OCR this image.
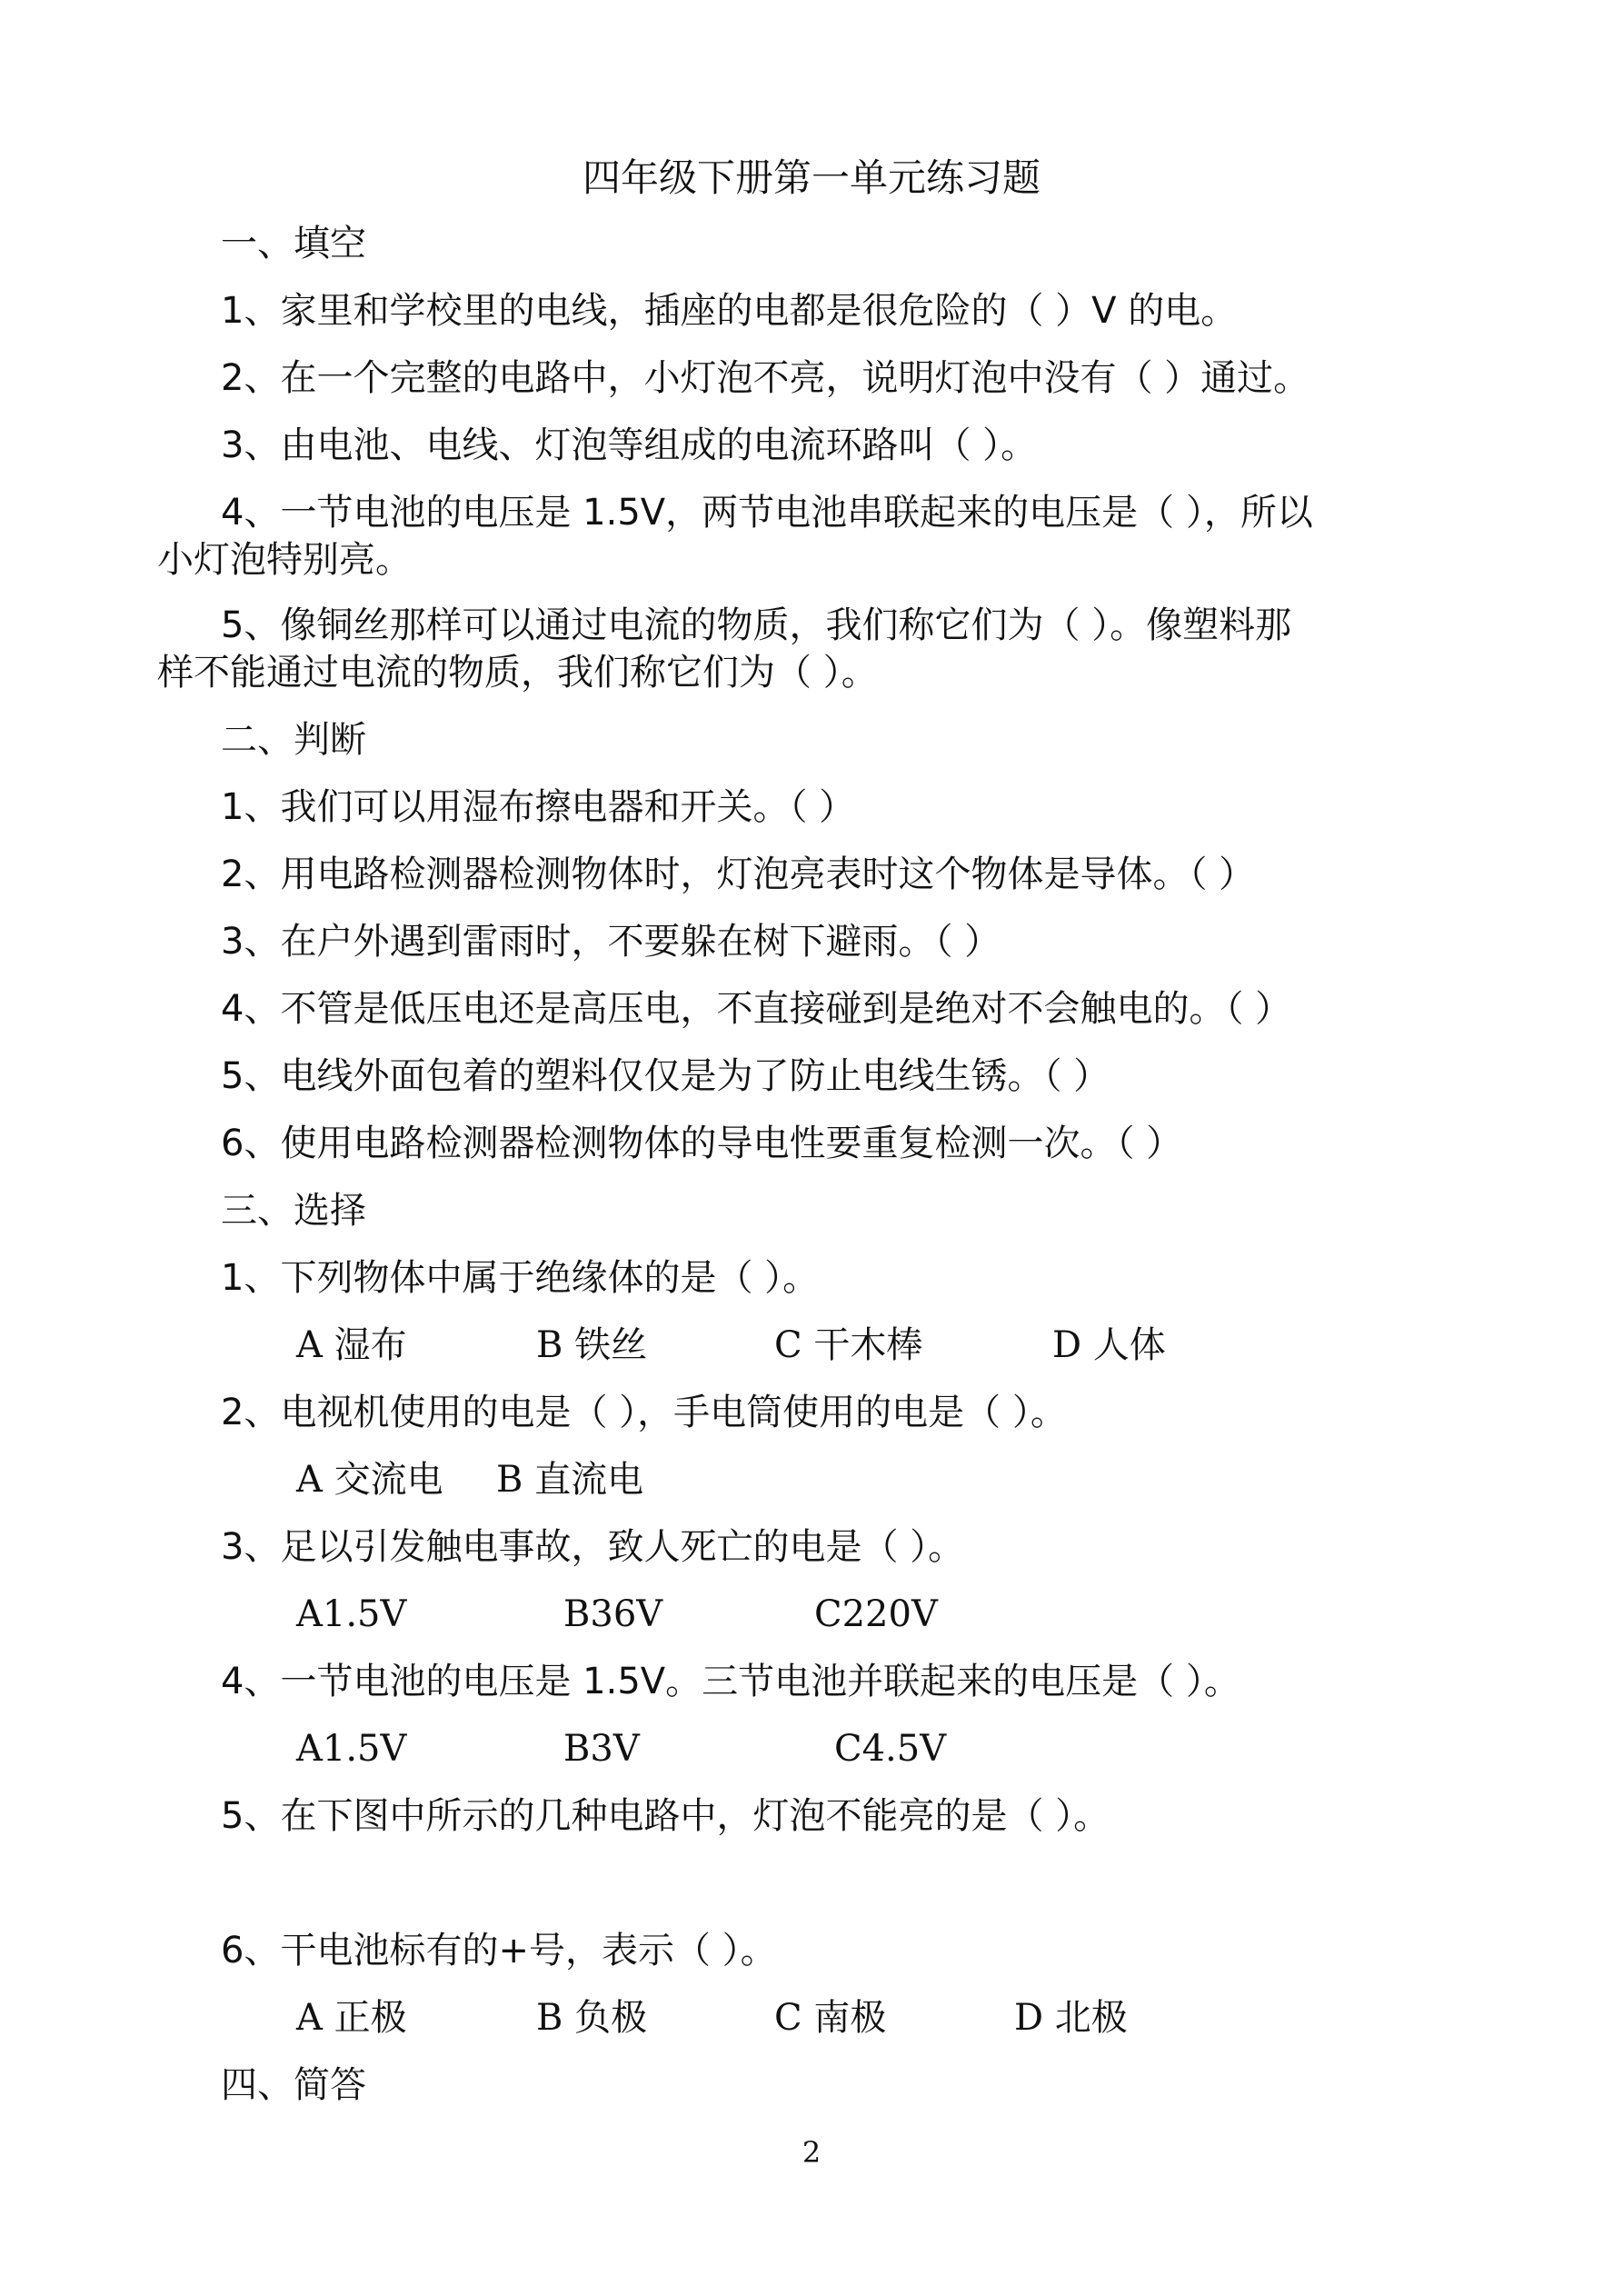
四年级下册第一单元练习题
一、填空
1、家里和学校里的电线，插座的电都是很危险的（ ）V 的电。
2、在一个完整的电路中，小灯泡不亮，说明灯泡中没有（ ）通过。
3、由电池、电线、灯泡等组成的电流环路叫（ ）。
4、一节电池的电压是 1.5V，两节电池串联起来的电压是（ ），所以
小灯泡特别亮。
5、像铜丝那样可以通过电流的物质，我们称它们为（ ）。像塑料那
样不能通过电流的物质，我们称它们为（ ）。
二、判断
1、我们可以用湿布擦电器和开关。（ ）
2、用电路检测器检测物体时，灯泡亮表时这个物体是导体。（ ）
3、在户外遇到雷雨时，不要躲在树下避雨。（ ）
4、不管是低压电还是高压电，不直接碰到是绝对不会触电的。（ ）
5、电线外面包着的塑料仅仅是为了防止电线生锈。（ ）
6、使用电路检测器检测物体的导电性要重复检测一次。（ ）
三、选择
1、下列物体中属于绝缘体的是（ ）。
A 湿布	B 铁丝	C 干木棒	D 人体
2、电视机使用的电是（ ），手电筒使用的电是（ ）。
A 交流电 B 直流电
3、足以引发触电事故，致人死亡的电是（ ）。
A1.5V	B36V	C220V
4、一节电池的电压是 1.5V。三节电池并联起来的电压是（ ）。
A1.5V	B3V	C4.5V
5、在下图中所示的几种电路中，灯泡不能亮的是（ ）。
6、干电池标有的+号，表示（ ）。
A 正极	B 负极	C 南极	D 北极
四、简答
2
